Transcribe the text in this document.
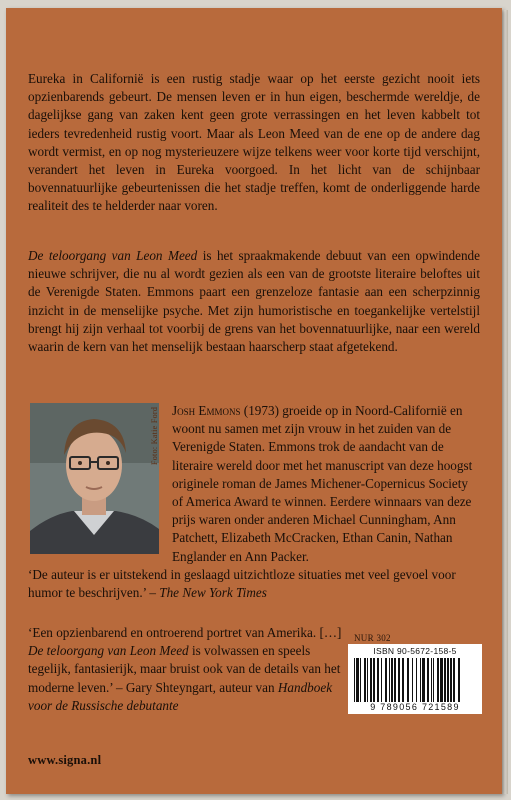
Eureka in Californië is een rustig stadje waar op het eerste gezicht nooit iets opzienbarends gebeurt. De mensen leven er in hun eigen, beschermde wereldje, de dagelijkse gang van zaken kent geen grote verrassingen en het leven kabbelt tot ieders tevredenheid rustig voort. Maar als Leon Meed van de ene op de andere dag wordt vermist, en op nog mysterieuzere wijze telkens weer voor korte tijd verschijnt, verandert het leven in Eureka voorgoed. In het licht van de schijnbaar bovennatuurlijke gebeurtenissen die het stadje treffen, komt de onderliggende harde realiteit des te helderder naar voren.

De teloorgang van Leon Meed is het spraakmakende debuut van een opwindende nieuwe schrijver, die nu al wordt gezien als een van de grootste literaire beloftes uit de Verenigde Staten. Emmons paart een grenzeloze fantasie aan een scherpzinnig inzicht in de menselijke psyche. Met zijn humoristische en toegankelijke vertelstijl brengt hij zijn verhaal tot voorbij de grens van het bovennatuurlijke, naar een wereld waarin de kern van het menselijk bestaan haarscherp staat afgetekend.

Foto: Katie Ford Josh Emmons (1973) groeide op in Noord-Californië en woont nu samen met zijn vrouw in het zuiden van de Verenigde Staten. Emmons trok de aandacht van de literaire wereld door met het manuscript van deze hoogst originele roman de James Michener-Copernicus Society of America Award te winnen. Eerdere winnaars van deze prijs waren onder anderen Michael Cunningham, Ann Patchett, Elizabeth McCracken, Ethan Canin, Nathan Englander en Ann Packer.

‘De auteur is er uitstekend in geslaagd uitzichtloze situaties met veel gevoel voor humor te beschrijven.’ – The New York Times

‘Een opzienbarend en ontroerend portret van Amerika. […] De teloorgang van Leon Meed is volwassen en speels tegelijk, fantasierijk, maar bruist ook van de details van het moderne leven.’ – Gary Shteyngart, auteur van Handboek voor de Russische debutante

NUR 302
ISBN 90-5672-158-5
9 789056 721589
www.signa.nl
